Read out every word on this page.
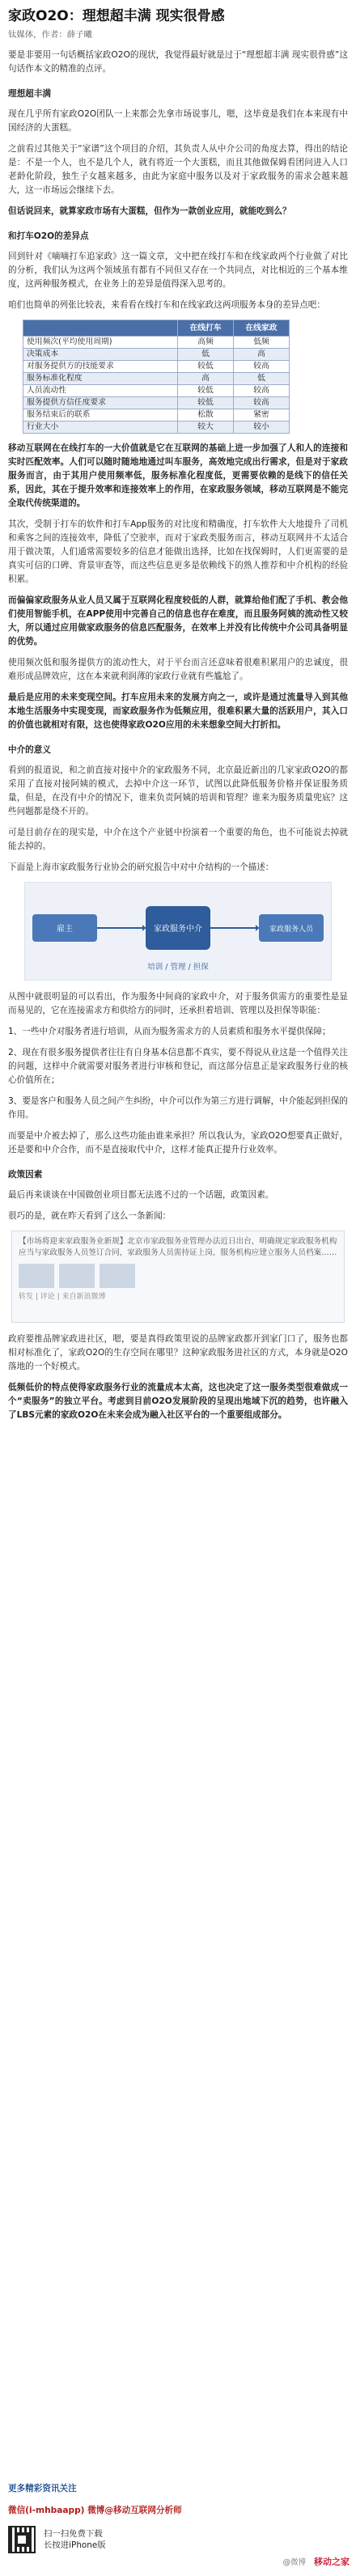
家政O2O：理想超丰满 现实很骨感
钛媒体，作者：薛子曦

要是非要用一句话概括家政O2O的现状，我觉得最好就是过于“理想超丰满 现实很骨感”这句话作本文的精准的点评。

理想超丰满

现在几乎所有家政O2O团队一上来都会先拿市场说事儿，嗯，这毕竟是我们在本来现有中国经济的大蛋糕。

之前看过其他关于“家谱”这个项目的介绍，其负责人从中介公司的角度去算，得出的结论是：不是一个人，也不是几个人，就有将近一个大蛋糕，而且其他做保姆看团问进入人口老龄化阶段，独生子女越来越多，由此为家庭中服务以及对于家政服务的需求会越来越大，这一市场远会继续下去。

但话说回来，就算家政市场有大蛋糕，但作为一款创业应用，就能吃到么？

和打车O2O的差异点

回到针对《嘀嘀打车追家政》这一篇文章，文中把在线打车和在线家政两个行业做了对比的分析，我们认为这两个领域虽有都有不同但又存在一个共同点，对比相近的三个基本维度，这两种服务模式，在业务上的差异是值得深入思考的。

咱们也简单的列张比较表，来看看在线打车和在线家政这两项服务本身的差异点吧：

	在线打车	在线家政
使用频次(平均使用周期)	高频	低频
决策成本	低	高
对服务提供方的技能要求	较低	较高
服务标准化程度	高	低
人员流动性	较低	较高
服务提供方信任度要求	较低	较高
服务结束后的联系	松散	紧密
行业大小	较大	较小

移动互联网在在线打车的一大价值就是它在互联网的基础上进一步加强了人和人的连接和实时匹配效率。人们可以随时随地地通过叫车服务，高效地完成出行需求，但是对于家政服务而言，由于其用户使用频率低，服务标准化程度低，更需要依赖的是线下的信任关系，因此，其在于提升效率和连接效率上的作用，在家政服务领域，移动互联网是不能完全取代传统渠道的。

其次，受制于打车的软件和打车App服务的对比度和精确度，打车软件大大地提升了司机和乘客之间的连接效率，降低了空驶率，而对于家政类服务而言，移动互联网并不太适合用于做决策，人们通常需要较多的信息才能做出选择，比如在找保姆时，人们更需要的是真实可信的口碑、背景审查等，而这些信息更多是依赖线下的熟人推荐和中介机构的经验积累。

而偏偏家政服务从业人员又属于互联网化程度较低的人群，就算给他们配了手机、教会他们使用智能手机，在APP使用中完善自己的信息也存在难度，而且服务阿姨的流动性又较大，所以通过应用做家政服务的信息匹配服务，在效率上并没有比传统中介公司具备明显的优势。

使用频次低和服务提供方的流动性大，对于平台而言还意味着很难积累用户的忠诚度，很难形成品牌效应，这在本来就利润薄的家政行业就有些尴尬了。

最后是应用的未来变现空间。打车应用未来的发展方向之一，或许是通过流量导入到其他本地生活服务中实现变现，而家政服务作为低频应用，很难积累大量的活跃用户，其入口的价值也就相对有限，这也使得家政O2O应用的未来想象空间大打折扣。

中介的意义

看到的报道说，和之前直接对接中介的家政服务不同，北京最近新出的几家家政O2O的都采用了直接对接阿姨的模式，去掉中介这一环节，试图以此降低服务价格并保证服务质量，但是，在没有中介的情况下，谁来负责阿姨的培训和管理？谁来为服务质量兜底？这些问题都是绕不开的。

可是目前存在的现实是，中介在这个产业链中扮演着一个重要的角色，也不可能说去掉就能去掉的。

下面是上海市家政服务行业协会的研究报告中对中介结构的一个描述：

雇主	家政服务中介	家政服务人员
培训 / 管理 / 担保

从图中就很明显的可以看出，作为服务中间商的家政中介，对于服务供需方的重要性是显而易见的，它在连接需求方和供给方的同时，还承担着培训、管理以及担保等职能：

1、一些中介对服务者进行培训，从而为服务需求方的人员素质和服务水平提供保障；

2、现在有很多服务提供者往往有自身基本信息都不真实，要不得说从业这是一个值得关注的问题，这样中介就需要对服务者进行审核和登记，而这部分信息正是家政服务行业的核心价值所在；

3、要是客户和服务人员之间产生纠纷，中介可以作为第三方进行调解，中介能起到担保的作用。

而要是中介被去掉了，那么这些功能由谁来承担？所以我认为，家政O2O想要真正做好，还是要和中介合作，而不是直接取代中介，这样才能真正提升行业效率。

政策因素

最后再来谈谈在中国做创业项目都无法逃不过的一个话题，政策因素。

很巧的是，就在昨天看到了这么一条新闻：

【市场将迎来家政服务业新规】北京市家政服务业管理办法近日出台，明确规定家政服务机构应当与家政服务人员签订合同，家政服务人员需持证上岗，服务机构应建立服务人员档案……
转发 | 评论 | 来自新浪微博

政府要推品牌家政进社区，嗯，要是真得政策里说的品牌家政都开到家门口了，服务也都相对标准化了，家政O2O的生存空间在哪里？这种家政服务进社区的方式，本身就是O2O落地的一个好模式。

低频低价的特点使得家政服务行业的流量成本太高，这也决定了这一服务类型很难做成一个“卖服务”的独立平台。考虑到目前O2O发展阶段的呈现出地域下沉的趋势，也许融入了LBS元素的家政O2O在未来会成为融入社区平台的一个重要组成部分。

更多精彩资讯关注
微信(i-mhbaapp) 微博@移动互联网分析师
扫一扫免费下载
长按进iPhone版
@微博 移动之家
